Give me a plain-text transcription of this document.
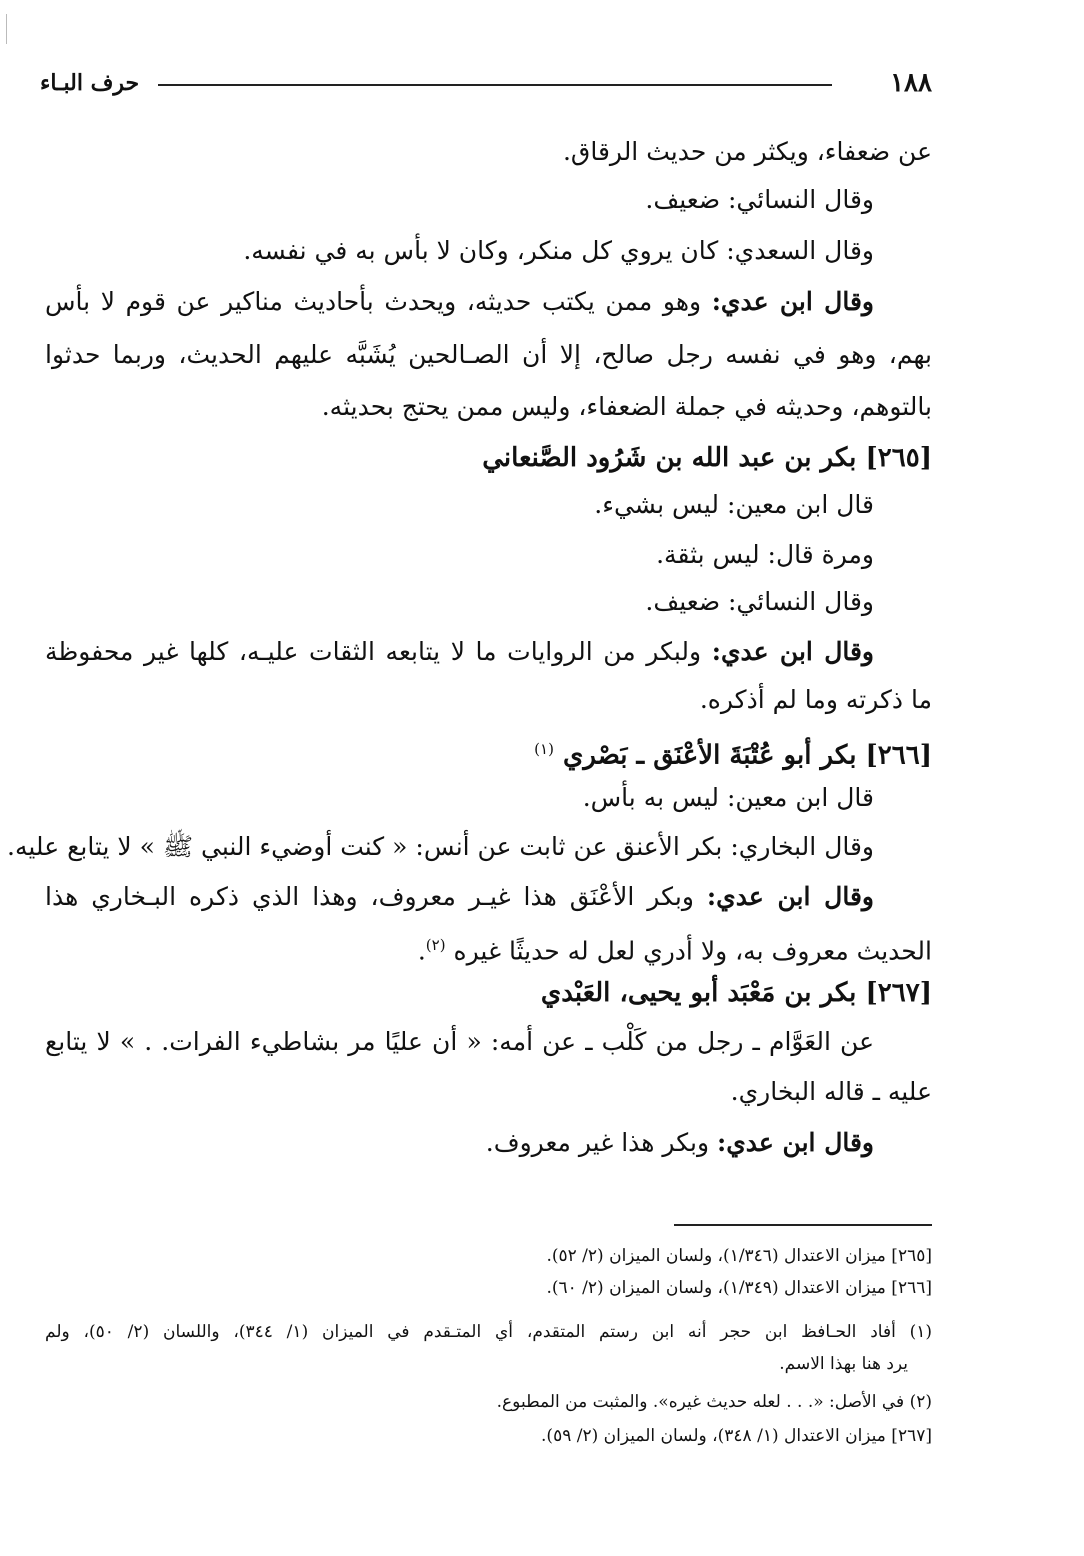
حرف البـاء	١٨٨
عن ضعفاء، ويكثر من حديث الرقاق.
وقال النسائي: ضعيف.
وقال السعدي: كان يروي كل منكر، وكان لا بأس به في نفسه.
وقال ابن عدي: وهو ممن يكتب حديثه، ويحدث بأحاديث مناكير عن قوم لا بأس
بهم، وهو في نفسه رجل صالح، إلا أن الصـالحين يُشَبَّه عليهم الحديث، وربما حدثوا
بالتوهم، وحديثه في جملة الضعفاء، وليس ممن يحتج بحديثه.
[٢٦٥] بكر بن عبد الله بن شَرُود الصَّنعاني
قال ابن معين: ليس بشيء.
ومرة قال: ليس بثقة.
وقال النسائي: ضعيف.
وقال ابن عدي: ولبكر من الروايات ما لا يتابعه الثقات عليـه، كلها غير محفوظة
ما ذكرته وما لم أذكره.
[٢٦٦] بكر أبو عُتْبَةَ الأعْنَق ـ بَصْري $^{(١)}$
قال ابن معين: ليس به بأس.
وقال البخاري: بكر الأعنق عن ثابت عن أنس: « كنت أوضيء النبي ﷺ » لا يتابع عليه.
وقال ابن عدي: وبكر الأعْنَق هذا غيـر معروف، وهذا الذي ذكره البـخاري هذا
الحديث معروف به، ولا أدري لعل له حديثًا غيره $^{(٢)}$.
[٢٦٧] بكر بن مَعْبَد أبو يحيى، العَبْدي
عن العَوَّام ـ رجل من كَلْب ـ عن أمه: « أن عليًا مر بشاطيء الفرات. . » لا يتابع
عليه ـ قاله البخاري.
وقال ابن عدي: وبكر هذا غير معروف.
[٢٦٥] ميزان الاعتدال (١/٣٤٦)، ولسان الميزان (٢/ ٥٢).
[٢٦٦] ميزان الاعتدال (١/٣٤٩)، ولسان الميزان (٢/ ٦٠).
(١) أفاد الحـافظ ابن حجر أنه ابن رستم المتقدم، أي المتـقدم في الميزان (١/ ٣٤٤)، واللسان (٢/ ٥٠)، ولم
يرد هنا بهذا الاسم.
(٢) في الأصل: «. . . لعله حديث غيره». والمثبت من المطبوع.
[٢٦٧] ميزان الاعتدال (١/ ٣٤٨)، ولسان الميزان (٢/ ٥٩).
